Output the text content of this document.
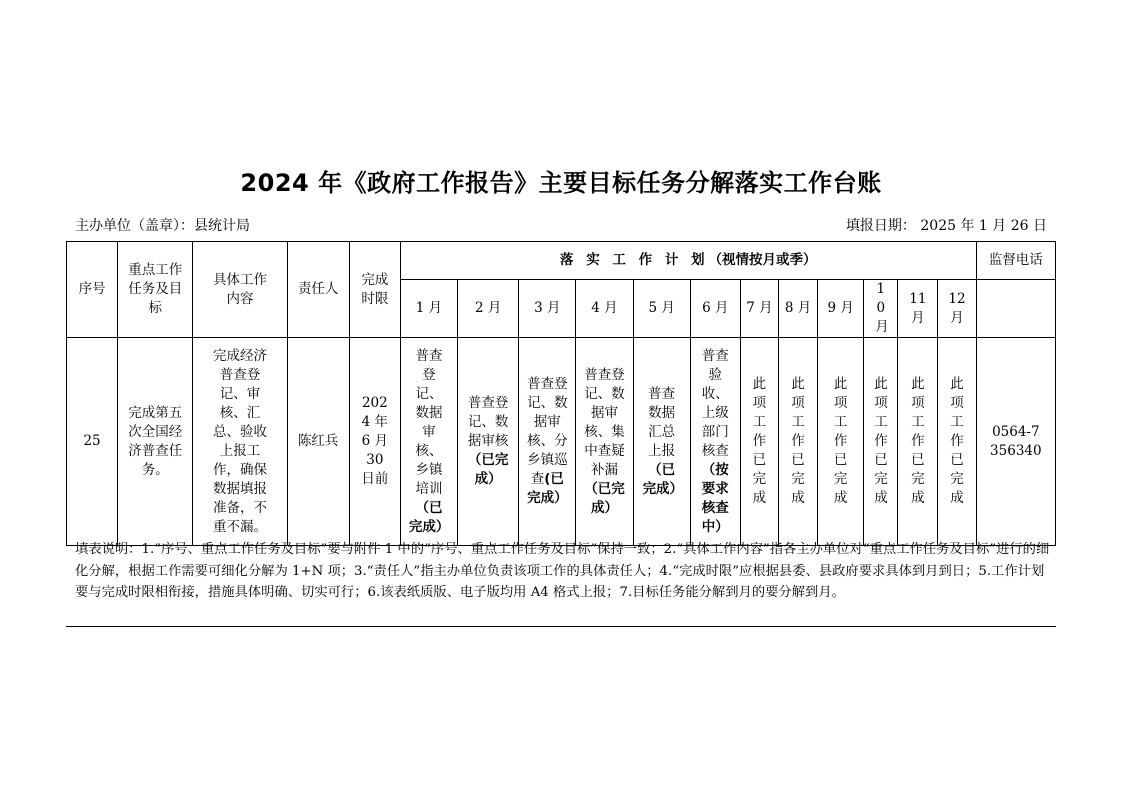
2024 年《政府工作报告》主要目标任务分解落实工作台账
主办单位（盖章）：县统计局	填报日期： 2025 年 1 月 26 日
序号	重点工作任务及目标	具体工作内容	责任人	完成时限	落 实 工 作 计 划（视情按月或季）												监督电话
					1 月	2 月	3 月	4 月	5 月	6 月	7 月	8 月	9 月	10 月	11 月	12 月	
25	完成第五次全国经济普查任务。	完成经济普查登记、审核、汇总、验收上报工作，确保数据填报准备，不重不漏。	陈红兵	2024 年 6 月 30 日前	普查登记、数据审核、乡镇培训（已完成）	普查登记、数据审核（已完成）	普查登记、数据审核、分乡镇巡查(已完成）	普查登记、数据审核、集中查疑补漏（已完成）	普查数据汇总上报（已完成）	普查验收、上级部门核查（按要求核查中）	此项工作已完成	此项工作已完成	此项工作已完成	此项工作已完成	此项工作已完成	此项工作已完成	0564-7356340
填表说明：1.“序号、重点工作任务及目标”要与附件 1 中的“序号、重点工作任务及目标”保持一致；2.“具体工作内容”指各主办单位对“重点工作任务及目标”进行的细化分解，根据工作需要可细化分解为 1+N 项；3.“责任人”指主办单位负责该项工作的具体责任人；4.“完成时限”应根据县委、县政府要求具体到月到日；5.工作计划要与完成时限相衔接，措施具体明确、切实可行；6.该表纸质版、电子版均用 A4 格式上报；7.目标任务能分解到月的要分解到月。
